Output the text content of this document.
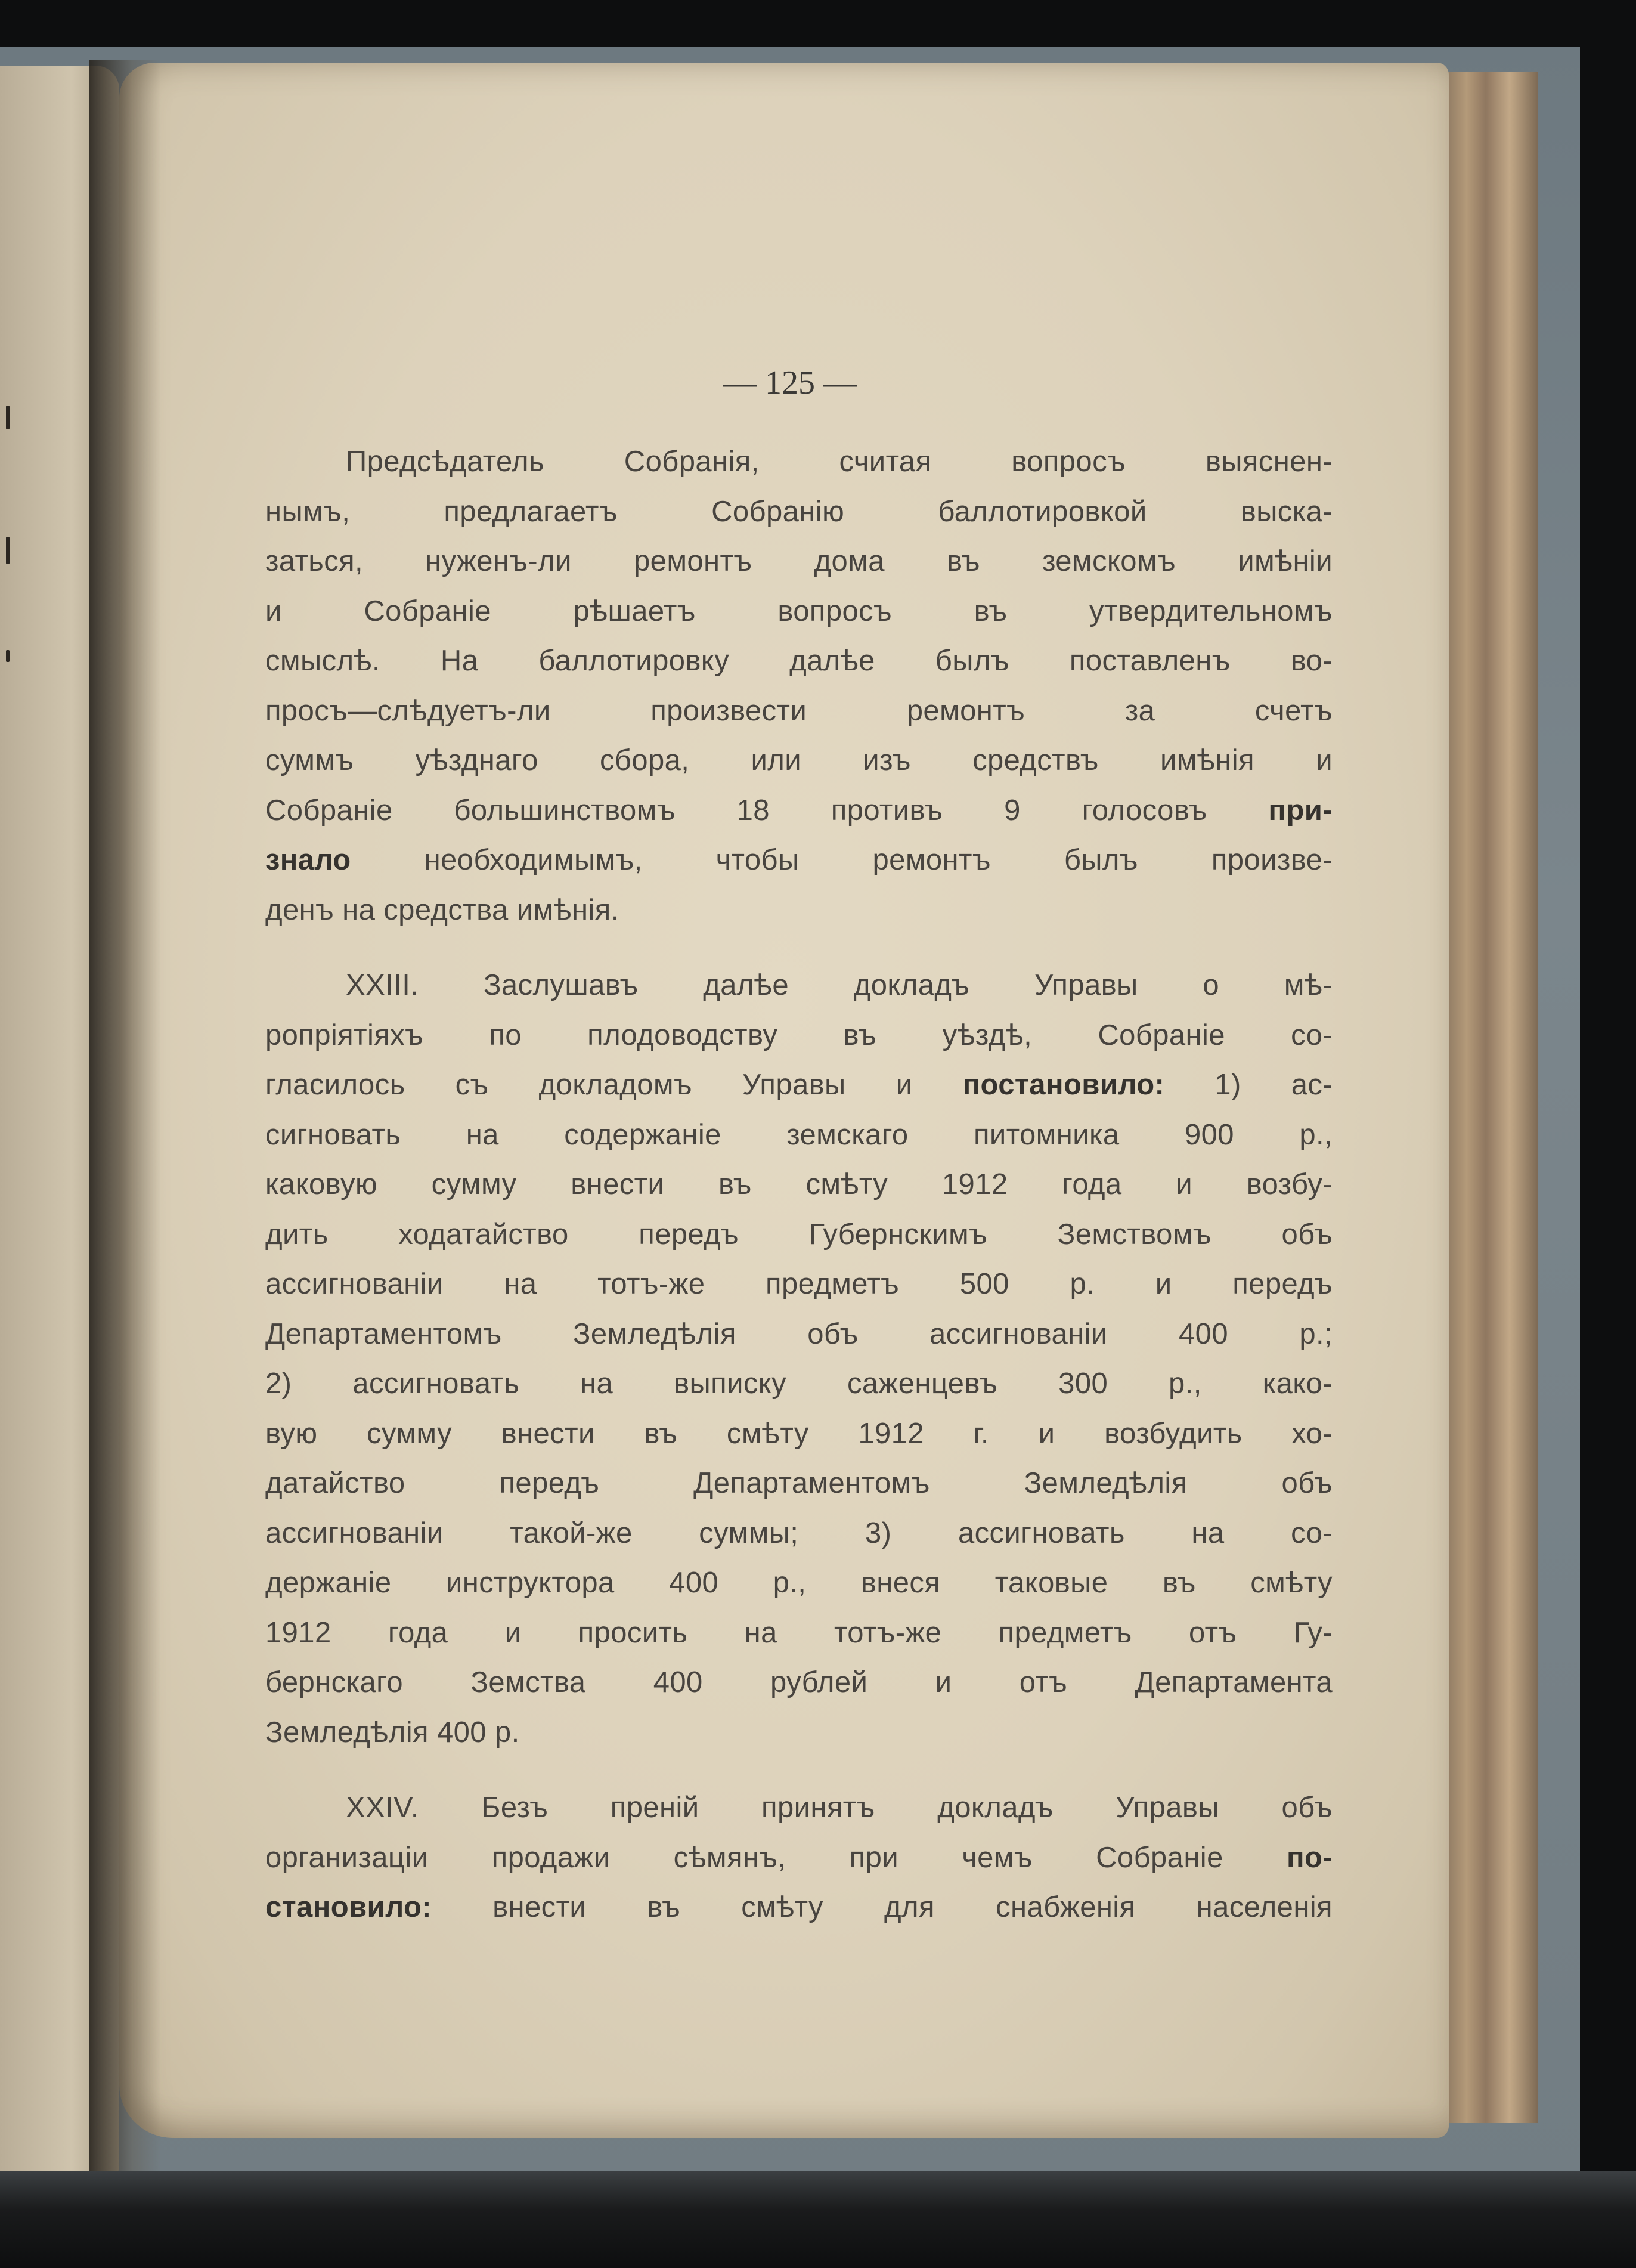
— 125 —

Предсѣдатель Собранія, считая вопросъ выяснен-
нымъ, предлагаетъ Собранію баллотировкой выска-
заться, нуженъ-ли ремонтъ дома въ земскомъ имѣніи
и Собраніе рѣшаетъ вопросъ въ утвердительномъ
смыслѣ. На баллотировку далѣе былъ поставленъ во-
просъ—слѣдуетъ-ли произвести ремонтъ за счетъ
суммъ уѣзднаго сбора, или изъ средствъ имѣнія и
Собраніе большинствомъ 18 противъ 9 голосовъ при-
знало необходимымъ, чтобы ремонтъ былъ произве-
денъ на средства имѣнія.

XXIII. Заслушавъ далѣе докладъ Управы о мѣ-
ропріятіяхъ по плодоводству въ уѣздѣ, Собраніе со-
гласилось съ докладомъ Управы и постановило: 1) ас-
сигновать на содержаніе земскаго питомника 900 р.,
каковую сумму внести въ смѣту 1912 года и возбу-
дить ходатайство передъ Губернскимъ Земствомъ объ
ассигнованіи на тотъ-же предметъ 500 р. и передъ
Департаментомъ Земледѣлія объ ассигнованіи 400 р.;
2) ассигновать на выписку саженцевъ 300 р., како-
вую сумму внести въ смѣту 1912 г. и возбудить хо-
датайство передъ Департаментомъ Земледѣлія объ
ассигнованіи такой-же суммы; 3) ассигновать на со-
держаніе инструктора 400 р., внеся таковые въ смѣту
1912 года и просить на тотъ-же предметъ отъ Гу-
бернскаго Земства 400 рублей и отъ Департамента
Земледѣлія 400 р.

XXIV. Безъ преній принятъ докладъ Управы объ
организаціи продажи сѣмянъ, при чемъ Собраніе по-
становило: внести въ смѣту для снабженія населенія
